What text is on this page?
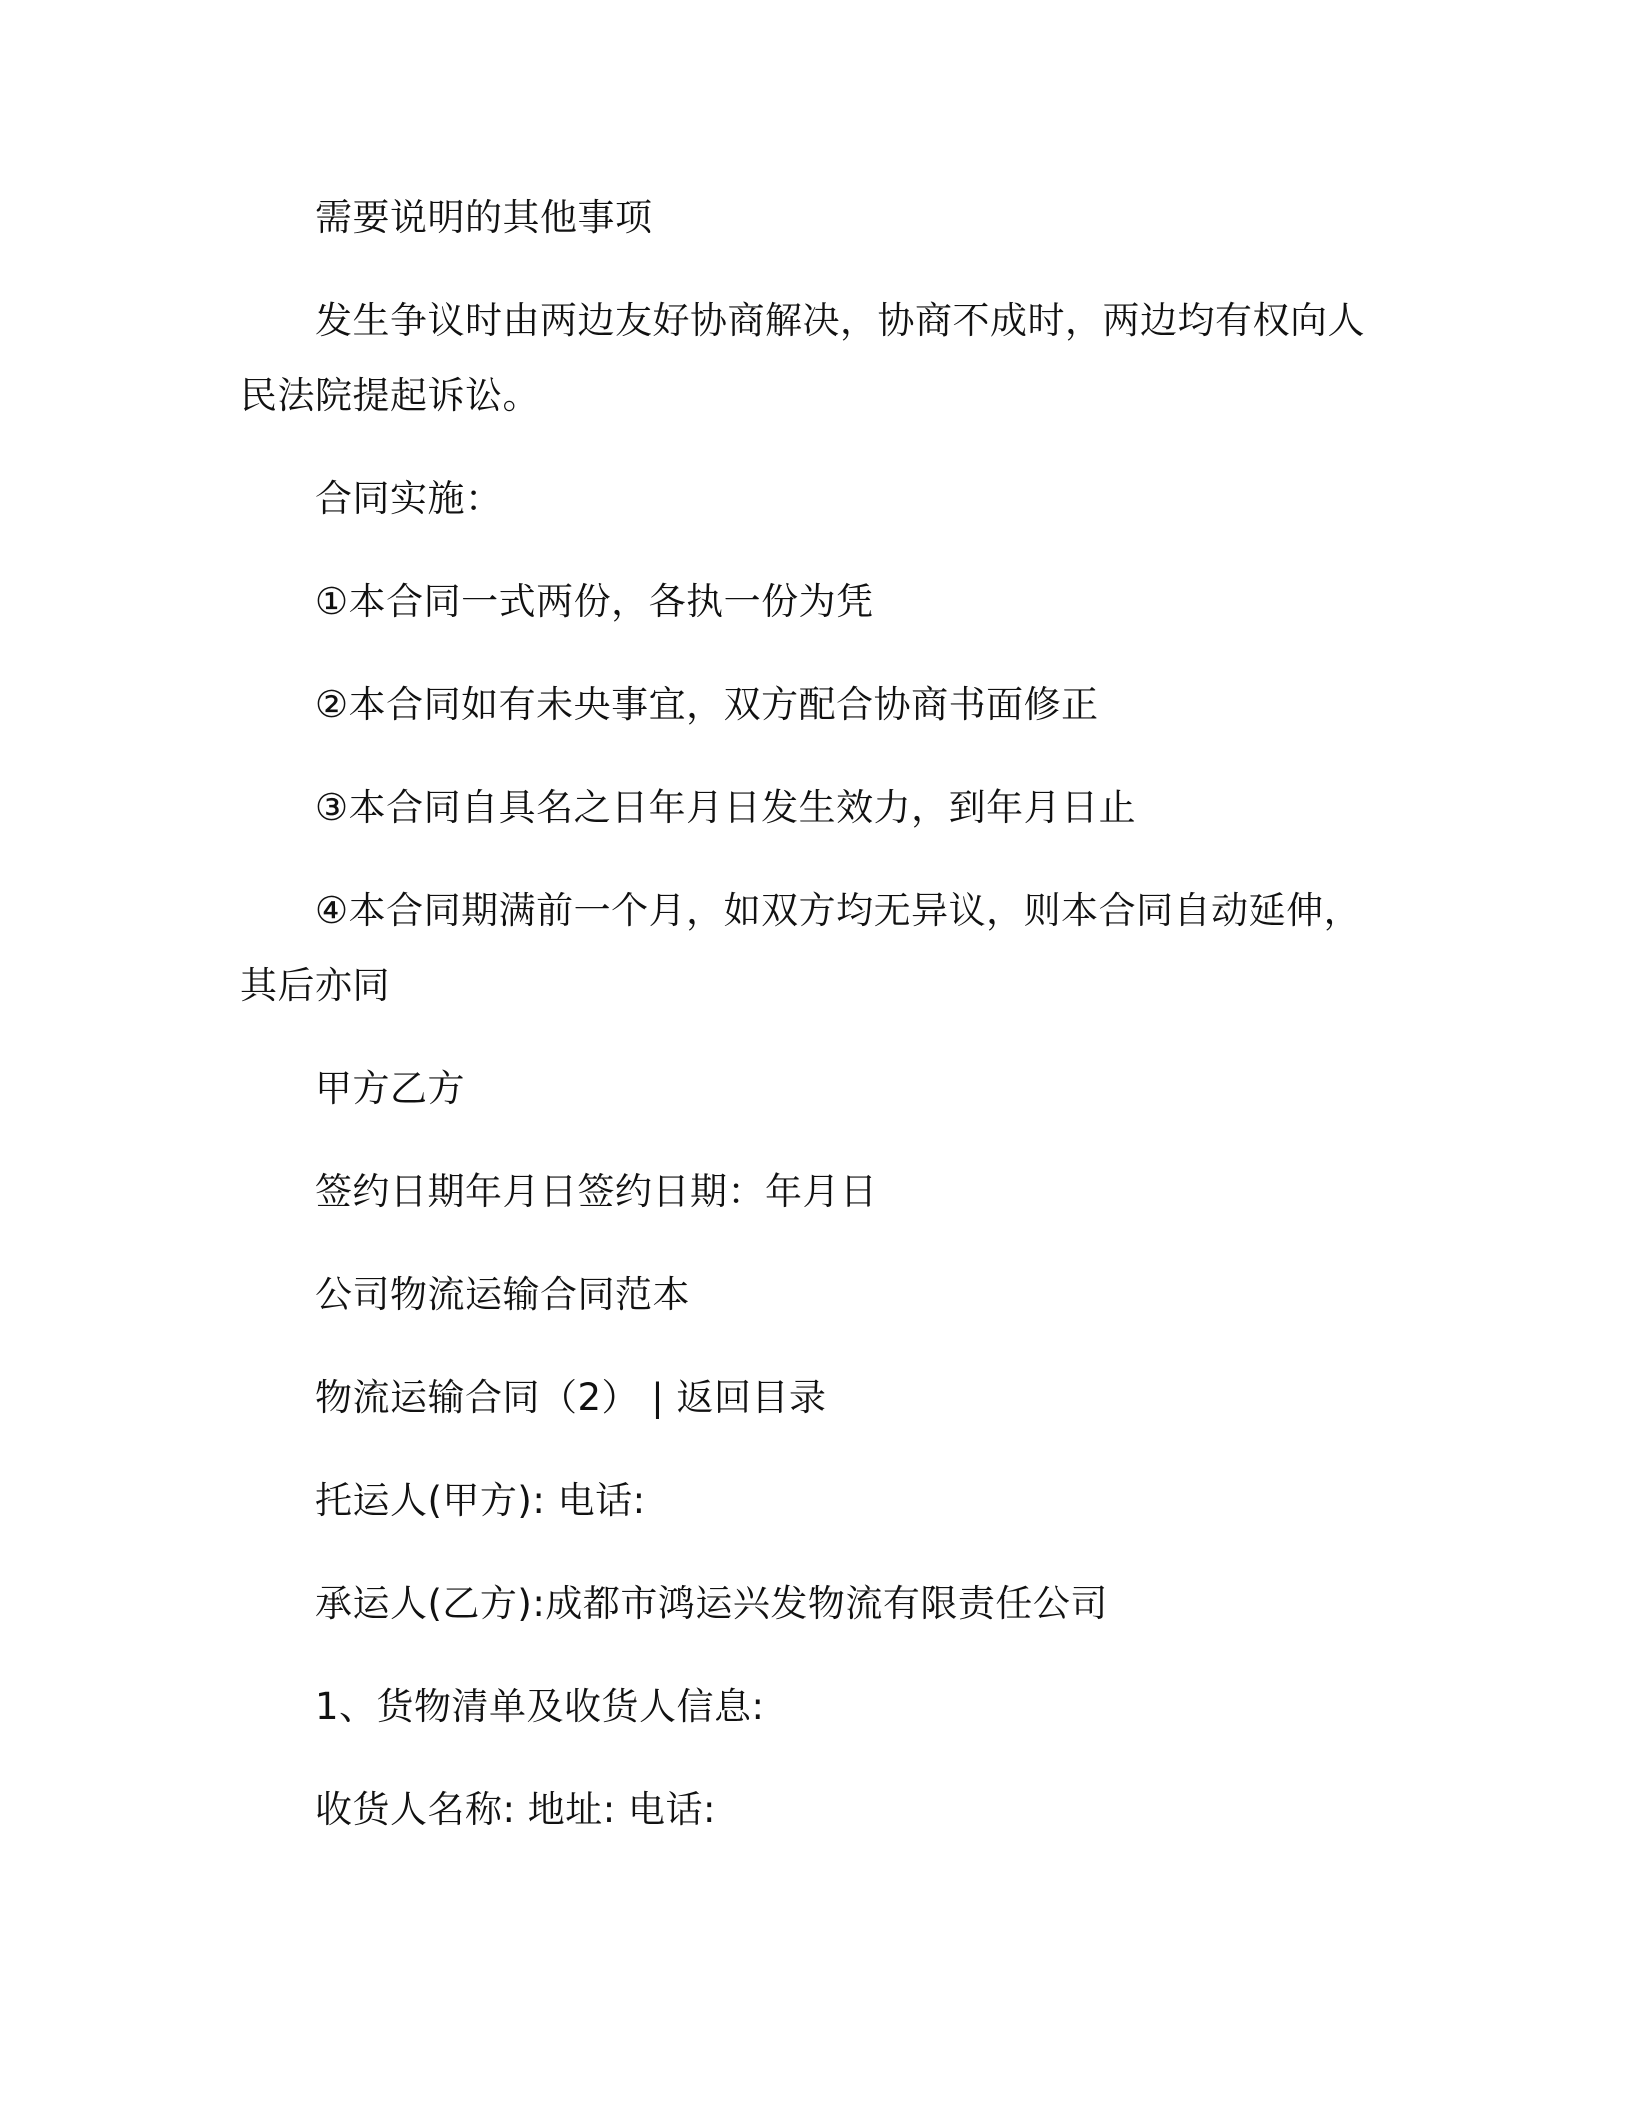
需要说明的其他事项

发生争议时由两边友好协商解决，协商不成时，两边均有权向人民法院提起诉讼。

合同实施：

①本合同一式两份，各执一份为凭

②本合同如有未央事宜，双方配合协商书面修正

③本合同自具名之日年月日发生效力，到年月日止

④本合同期满前一个月，如双方均无异议，则本合同自动延伸，其后亦同

甲方乙方

签约日期年月日签约日期：年月日

公司物流运输合同范本

物流运输合同（2） | 返回目录

托运人(甲方): 电话:

承运人(乙方):成都市鸿运兴发物流有限责任公司

1、货物清单及收货人信息:

收货人名称: 地址: 电话:
